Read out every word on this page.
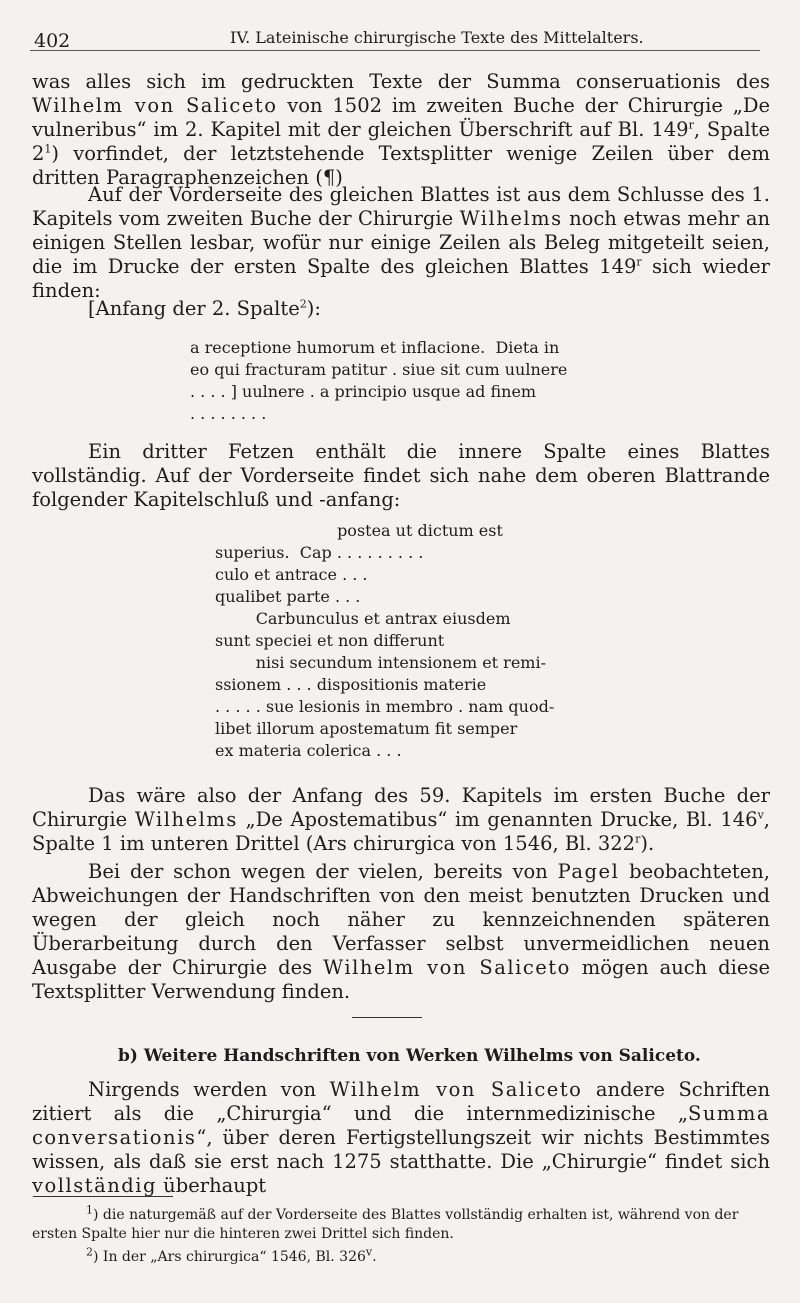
402	IV. Lateinische chirurgische Texte des Mittelalters.

was alles sich im gedruckten Texte der Summa conseruationis des Wilhelm von Saliceto von 1502 im zweiten Buche der Chirurgie „De vulneribus“ im 2. Kapitel mit der gleichen Überschrift auf Bl. 149$^r$, Spalte $2^1$) vorfindet, der letztstehende Textsplitter wenige Zeilen über dem dritten Paragraphenzeichen (¶)

Auf der Vorderseite des gleichen Blattes ist aus dem Schlusse des 1. Kapitels vom zweiten Buche der Chirurgie Wilhelms noch etwas mehr an einigen Stellen lesbar, wofür nur einige Zeilen als Beleg mitgeteilt seien, die im Drucke der ersten Spalte des gleichen Blattes 149$^r$ sich wieder finden:

[Anfang der 2. Spalte$^2$):

a receptione humorum et inflacione.  Dieta in
eo qui fracturam patitur . siue sit cum uulnere
. . . . ] uulnere . a principio usque ad finem
. . . . . . . .

Ein dritter Fetzen enthält die innere Spalte eines Blattes vollständig. Auf der Vorderseite findet sich nahe dem oberen Blattrande folgender Kapitelschluß und -anfang:

postea ut dictum est
superius.  Cap . . . . . . . . .
culo et antrace . . .
qualibet parte . . .
Carbunculus et antrax eiusdem
sunt speciei et non differunt
nisi secundum intensionem et remi-
ssionem . . . dispositionis materie
. . . . . sue lesionis in membro . nam quod-
libet illorum apostematum fit semper
ex materia colerica . . .

Das wäre also der Anfang des 59. Kapitels im ersten Buche der Chirurgie Wilhelms „De Apostematibus“ im genannten Drucke, Bl. 146$^v$, Spalte 1 im unteren Drittel (Ars chirurgica von 1546, Bl. 322$^r$).

Bei der schon wegen der vielen, bereits von Pagel beobachteten, Abweichungen der Handschriften von den meist benutzten Drucken und wegen der gleich noch näher zu kennzeichnenden späteren Überarbeitung durch den Verfasser selbst unvermeidlichen neuen Ausgabe der Chirurgie des Wilhelm von Saliceto mögen auch diese Textsplitter Verwendung finden.

b) Weitere Handschriften von Werken Wilhelms von Saliceto.

Nirgends werden von Wilhelm von Saliceto andere Schriften zitiert als die „Chirurgia“ und die internmedizinische „Summa conversationis“, über deren Fertigstellungszeit wir nichts Bestimmtes wissen, als daß sie erst nach 1275 statthatte. Die „Chirurgie“ findet sich vollständig überhaupt

$^1$) die naturgemäß auf der Vorderseite des Blattes vollständig erhalten ist, während von der ersten Spalte hier nur die hinteren zwei Drittel sich finden.

$^2$) In der „Ars chirurgica“ 1546, Bl. 326$^v$.
